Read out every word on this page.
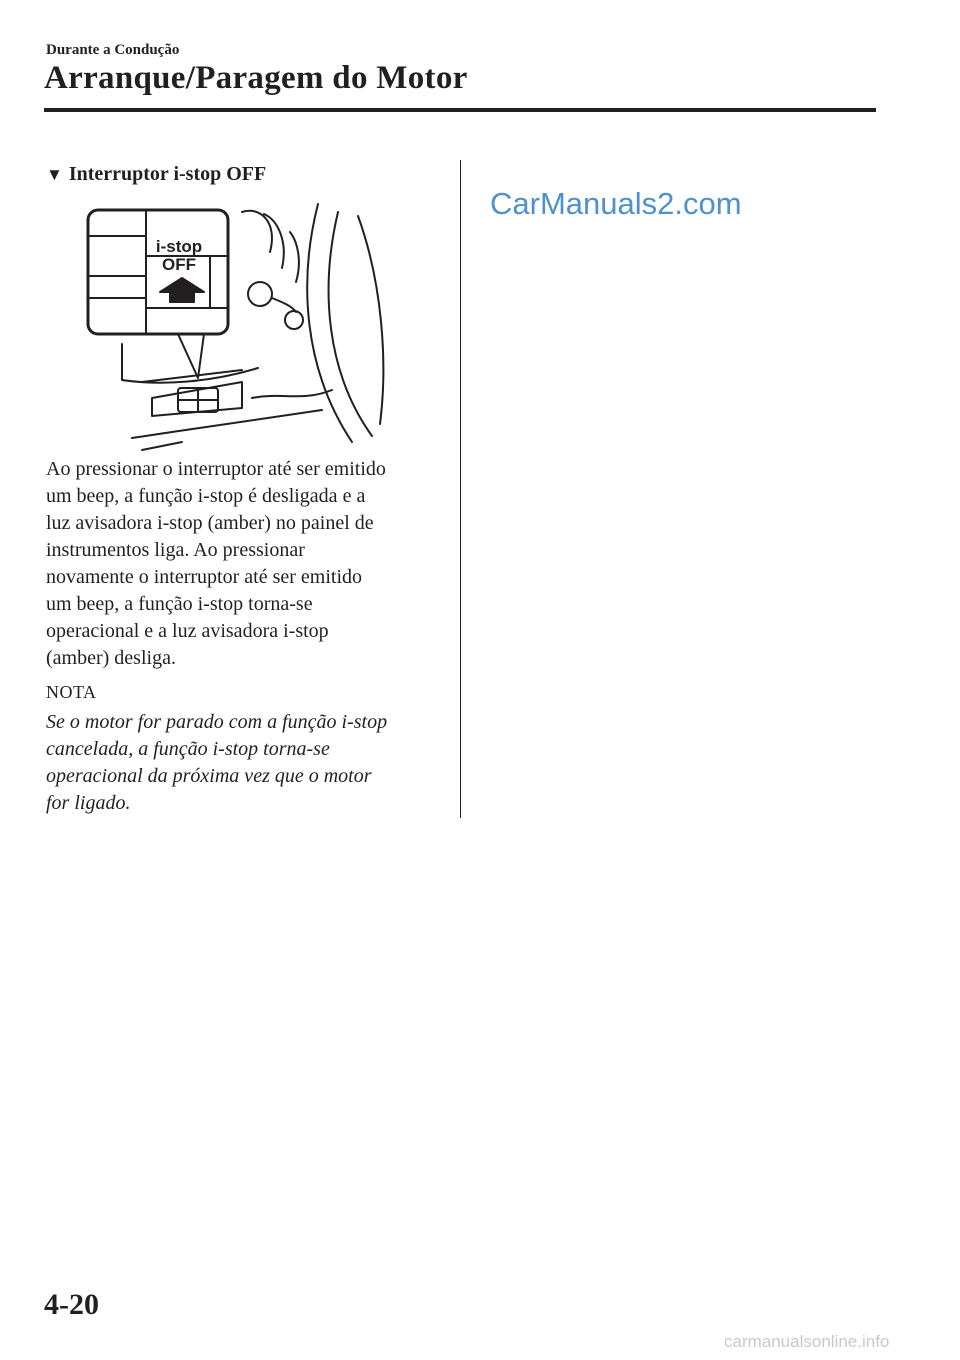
Durante a Condução
Arranque/Paragem do Motor
▼ Interruptor i-stop OFF
i-stop
OFF
Ao pressionar o interruptor até ser emitido
um beep, a função i-stop é desligada e a
luz avisadora i-stop (amber) no painel de
instrumentos liga. Ao pressionar
novamente o interruptor até ser emitido
um beep, a função i-stop torna-se
operacional e a luz avisadora i-stop
(amber) desliga.
NOTA
Se o motor for parado com a função i-stop
cancelada, a função i-stop torna-se
operacional da próxima vez que o motor
for ligado.
CarManuals2.com
4-20
carmanualsonline.info
